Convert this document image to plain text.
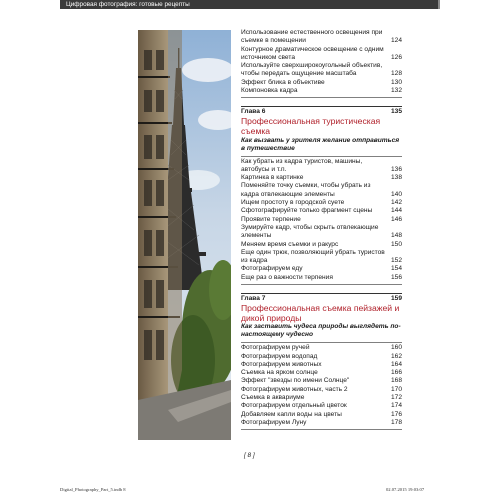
Цифровая фотография: готовые рецепты
Использование естественного освещения при съемке в помещении	124
Контурное драматическое освещение с одним источником света	126
Используйте сверхширокоугольный объектив, чтобы передать ощущение масштаба	128
Эффект блика в объективе	130
Компоновка кадра	132
Глава 6	135
Профессиональная туристическая съемка
Как вызвать у зрителя желание отправиться в путешествие
Как убрать из кадра туристов, машины, автобусы и т.п.	136
Картинка в картинке	138
Поменяйте точку съемки, чтобы убрать из кадра отвлекающие элементы	140
Ищем простоту в городской суете	142
Сфотографируйте только фрагмент сцены	144
Проявите терпение	146
Зумируйте кадр, чтобы скрыть отвлекающие элементы	148
Меняем время съемки и ракурс	150
Еще один трюк, позволяющий убрать туристов из кадра	152
Фотографируем еду	154
Еще раз о важности терпения	156
Глава 7	159
Профессиональная съемка пейзажей и дикой природы
Как заставить чудеса природы выглядеть по-настоящему чудесно
Фотографируем ручей	160
Фотографируем водопад	162
Фотографируем животных	164
Съемка на ярком солнце	166
Эффект "звезды по имени Солнце"	168
Фотографируем животных, часть 2	170
Съемка в аквариуме	172
Фотографируем отдельный цветок	174
Добавляем капли воды на цветы	176
Фотографируем Луну	178
[ 8 ]
Digital_Photography_Part_5.indb 8	02.07.2015 19:03:07
